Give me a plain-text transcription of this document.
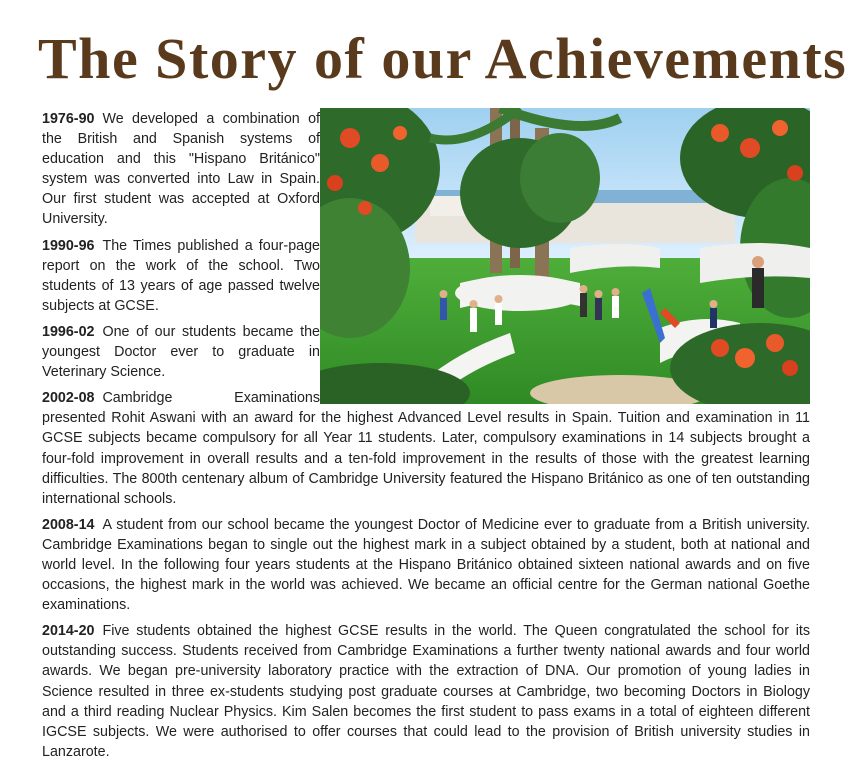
The Story of our Achievements

1976-90 We developed a combination of the British and Spanish systems of education and this "Hispano Británico" system was converted into Law in Spain. Our first student was accepted at Oxford University.

1990-96 The Times published a four-page report on the work of the school. Two students of 13 years of age passed twelve subjects at GCSE.

1996-02 One of our students became the youngest Doctor ever to graduate in Veterinary Science.

2002-08 Cambridge Examinations presented Rohit Aswani with an award for the highest Advanced Level results in Spain. Tuition and examination in 11 GCSE subjects became compulsory for all Year 11 students. Later, compulsory examinations in 14 subjects brought a four-fold improvement in overall results and a ten-fold improvement in the results of those with the greatest learning difficulties. The 800th centenary album of Cambridge University featured the Hispano Británico as one of ten outstanding international schools.

2008-14 A student from our school became the youngest Doctor of Medicine ever to graduate from a British university. Cambridge Examinations began to single out the highest mark in a subject obtained by a student, both at national and world level. In the following four years students at the Hispano Británico obtained sixteen national awards and on five occasions, the highest mark in the world was achieved. We became an official centre for the German national Goethe examinations.

2014-20 Five students obtained the highest GCSE results in the world. The Queen congratulated the school for its outstanding success. Students received from Cambridge Examinations a further twenty national awards and four world awards. We began pre-university laboratory practice with the extraction of DNA. Our promotion of young ladies in Science resulted in three ex-students studying post graduate courses at Cambridge, two becoming Doctors in Biology and a third reading Nuclear Physics. Kim Salen becomes the first student to pass exams in a total of eighteen different IGCSE subjects. We were authorised to offer courses that could lead to the provision of British university studies in Lanzarote.
